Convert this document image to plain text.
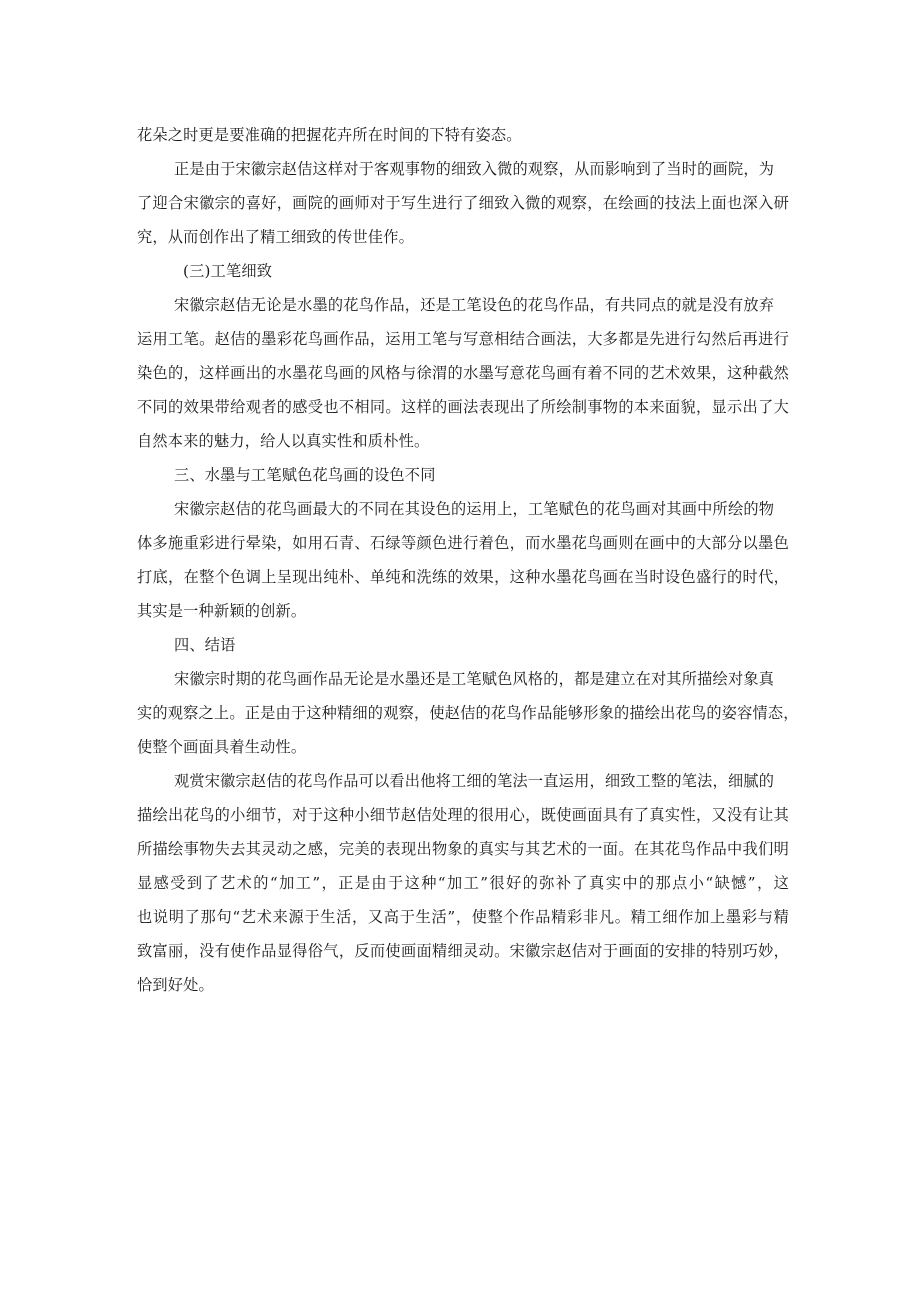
花朵之时更是要准确的把握花卉所在时间的下特有姿态。
正是由于宋徽宗赵佶这样对于客观事物的细致入微的观察，从而影响到了当时的画院，为
了迎合宋徽宗的喜好，画院的画师对于写生进行了细致入微的观察，在绘画的技法上面也深入研
究，从而创作出了精工细致的传世佳作。
(三)工笔细致
宋徽宗赵佶无论是水墨的花鸟作品，还是工笔设色的花鸟作品，有共同点的就是没有放弃
运用工笔。赵佶的墨彩花鸟画作品，运用工笔与写意相结合画法，大多都是先进行勾然后再进行
染色的，这样画出的水墨花鸟画的风格与徐渭的水墨写意花鸟画有着不同的艺术效果，这种截然
不同的效果带给观者的感受也不相同。这样的画法表现出了所绘制事物的本来面貌，显示出了大
自然本来的魅力，给人以真实性和质朴性。
三、水墨与工笔赋色花鸟画的设色不同
宋徽宗赵佶的花鸟画最大的不同在其设色的运用上，工笔赋色的花鸟画对其画中所绘的物
体多施重彩进行晕染，如用石青、石绿等颜色进行着色，而水墨花鸟画则在画中的大部分以墨色
打底，在整个色调上呈现出纯朴、单纯和洗练的效果，这种水墨花鸟画在当时设色盛行的时代，
其实是一种新颖的创新。
四、结语
宋徽宗时期的花鸟画作品无论是水墨还是工笔赋色风格的，都是建立在对其所描绘对象真
实的观察之上。正是由于这种精细的观察，使赵佶的花鸟作品能够形象的描绘出花鸟的姿容情态，
使整个画面具着生动性。
观赏宋徽宗赵佶的花鸟作品可以看出他将工细的笔法一直运用，细致工整的笔法，细腻的
描绘出花鸟的小细节，对于这种小细节赵佶处理的很用心，既使画面具有了真实性，又没有让其
所描绘事物失去其灵动之感，完美的表现出物象的真实与其艺术的一面。在其花鸟作品中我们明
显感受到了艺术的“加工”，正是由于这种“加工”很好的弥补了真实中的那点小“缺憾”，这
也说明了那句“艺术来源于生活，又高于生活”，使整个作品精彩非凡。精工细作加上墨彩与精
致富丽，没有使作品显得俗气，反而使画面精细灵动。宋徽宗赵佶对于画面的安排的特别巧妙，
恰到好处。
